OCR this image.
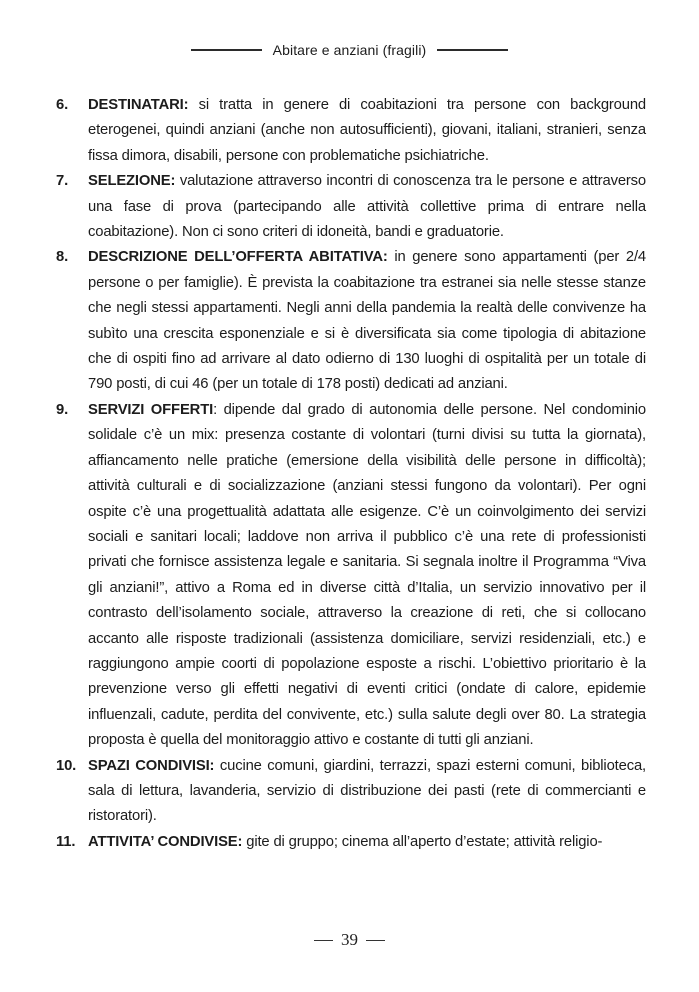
Abitare e anziani (fragili)
6.	DESTINATARI: si tratta in genere di coabitazioni tra persone con background eterogenei, quindi anziani (anche non autosufficienti), giovani, italiani, stranieri, senza fissa dimora, disabili, persone con problematiche psichiatriche.
7.	SELEZIONE: valutazione attraverso incontri di conoscenza tra le persone e attraverso una fase di prova (partecipando alle attività collettive prima di entrare nella coabitazione). Non ci sono criteri di idoneità, bandi e graduatorie.
8.	DESCRIZIONE DELL’OFFERTA ABITATIVA: in genere sono appartamenti (per 2/4 persone o per famiglie). È prevista la coabitazione tra estranei sia nelle stesse stanze che negli stessi appartamenti. Negli anni della pandemia la realtà delle convivenze ha subìto una crescita esponenziale e si è diversificata sia come tipologia di abitazione che di ospiti fino ad arrivare al dato odierno di 130 luoghi di ospitalità per un totale di 790 posti, di cui 46 (per un totale di 178 posti) dedicati ad anziani.
9.	SERVIZI OFFERTI: dipende dal grado di autonomia delle persone. Nel condominio solidale c’è un mix: presenza costante di volontari (turni divisi su tutta la giornata), affiancamento nelle pratiche (emersione della visibilità delle persone in difficoltà); attività culturali e di socializzazione (anziani stessi fungono da volontari). Per ogni ospite c’è una progettualità adattata alle esigenze. C’è un coinvolgimento dei servizi sociali e sanitari locali; laddove non arriva il pubblico c’è una rete di professionisti privati che fornisce assistenza legale e sanitaria. Si segnala inoltre il Programma “Viva gli anziani!”, attivo a Roma ed in diverse città d’Italia, un servizio innovativo per il contrasto dell’isolamento sociale, attraverso la creazione di reti, che si collocano accanto alle risposte tradizionali (assistenza domiciliare, servizi residenziali, etc.) e raggiungono ampie coorti di popolazione esposte a rischi. L’obiettivo prioritario è la prevenzione verso gli effetti negativi di eventi critici (ondate di calore, epidemie influenzali, cadute, perdita del convivente, etc.) sulla salute degli over 80. La strategia proposta è quella del monitoraggio attivo e costante di tutti gli anziani.
10. SPAZI CONDIVISI: cucine comuni, giardini, terrazzi, spazi esterni comuni, biblioteca, sala di lettura, lavanderia, servizio di distribuzione dei pasti (rete di commercianti e ristoratori).
11. ATTIVITA’ CONDIVISE: gite di gruppo; cinema all’aperto d’estate; attività religio-
39
